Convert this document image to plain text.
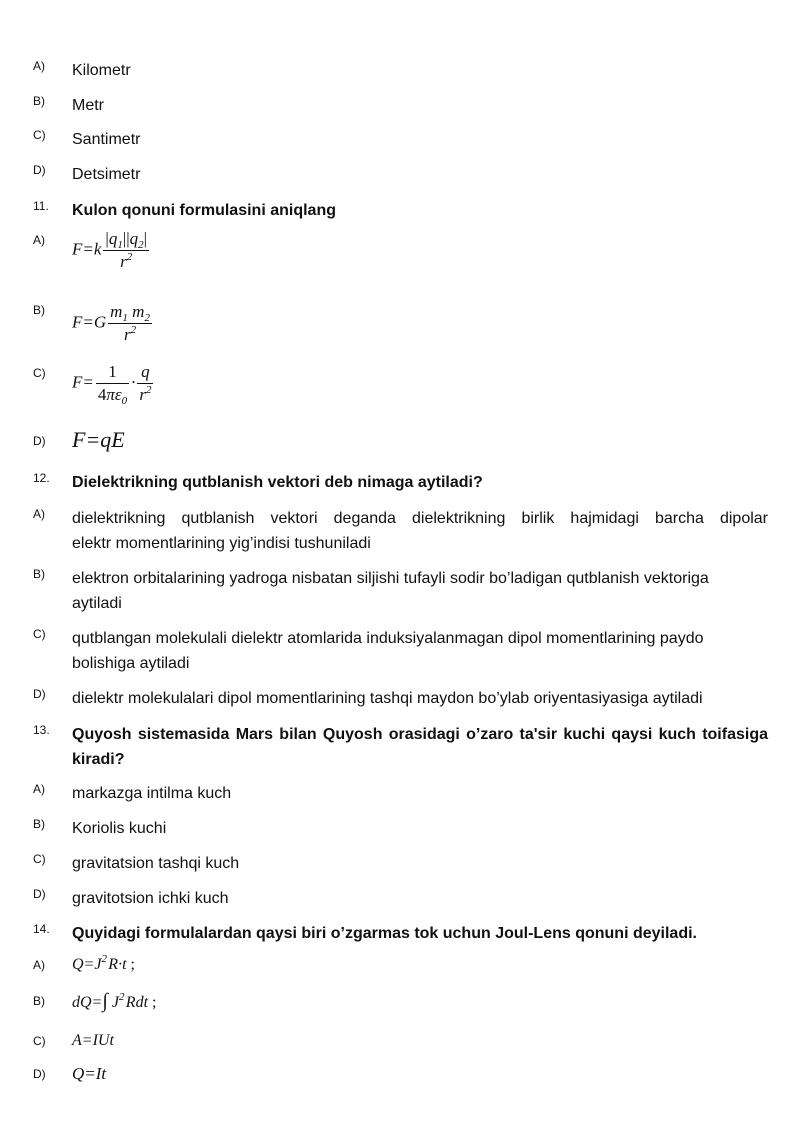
A) Kilometr
B) Metr
C) Santimetr
D) Detsimetr
11. Kulon qonuni formulasini aniqlang
A) $F=k \frac{|q_1||q_2|}{r^2}$
B)
$F=G \frac{m_1 m_2}{r^2}$
C) $F= \frac{1}{4\pi\varepsilon_0} \cdot \frac{q}{r^2}$
D) F=qE
12. Dielektrikning qutblanish vektori deb nimaga aytiladi?
A) dielektrikning qutblanish vektori deganda dielektrikning birlik hajmidagi barcha dipolar
elektr momentlarining yig’indisi tushuniladi
B) elektron orbitalarining yadroga nisbatan siljishi tufayli sodir bo’ladigan qutblanish vektoriga
aytiladi
C) qutblangan molekulali dielektr atomlarida induksiyalanmagan dipol momentlarining paydo
bolishiga aytiladi
D) dielektr molekulalari dipol momentlarining tashqi maydon bo’ylab oriyentasiyasiga aytiladi
13. Quyosh sistemasida Mars bilan Quyosh orasidagi o’zaro ta'sir kuchi qaysi kuch toifasiga
kiradi?
A) markazga intilma kuch
B) Koriolis kuchi
C) gravitatsion tashqi kuch
D) gravitotsion ichki kuch
14. Quyidagi formulalardan qaysi biri o’zgarmas tok uchun Joul-Lens qonuni deyiladi.
A) $Q=J^2$ R·t ;
B) dQ=∫ $J^2$ Rdt ;
C) A=IUt
D) Q=It
